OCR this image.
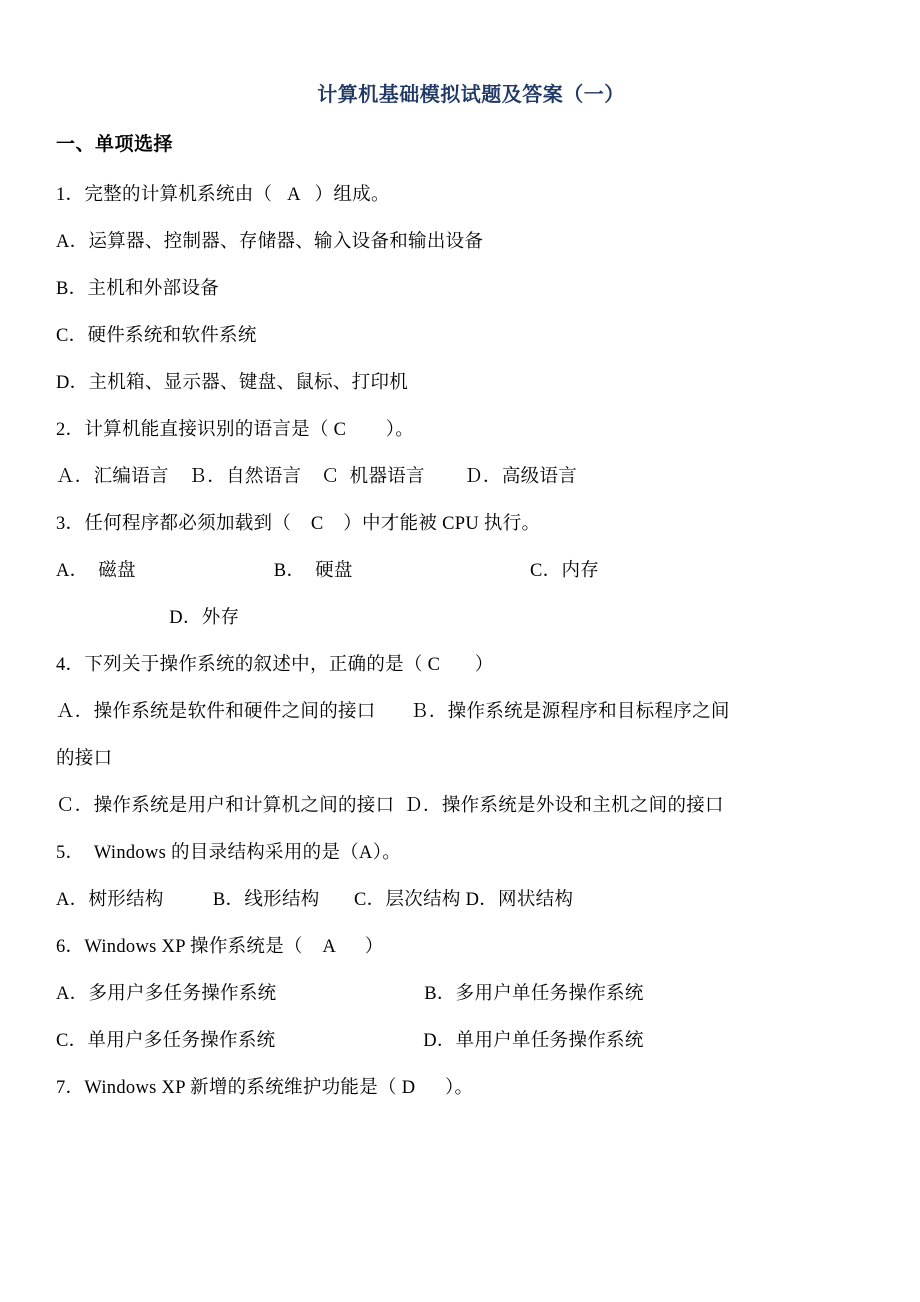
计算机基础模拟试题及答案（一）
一、单项选择
1．完整的计算机系统由（   A   ）组成。
A．运算器、控制器、存储器、输入设备和输出设备
B．主机和外部设备
C．硬件系统和软件系统
D．主机箱、显示器、键盘、鼠标、打印机
2．计算机能直接识别的语言是（ C        ）。
Ａ．汇编语言    Ｂ．自然语言    Ｃ  机器语言        Ｄ．高级语言
3．任何程序都必须加载到（    C    ）中才能被 CPU 执行。
A．  磁盘                            B．  硬盘                                    C．内存
D．外存
4．下列关于操作系统的叙述中，正确的是（ C       ）
Ａ．操作系统是软件和硬件之间的接口       Ｂ．操作系统是源程序和目标程序之间
的接口
Ｃ．操作系统是用户和计算机之间的接口  Ｄ．操作系统是外设和主机之间的接口
5．  Windows 的目录结构采用的是（A）。
A．树形结构          B．线形结构       C．层次结构 D．网状结构
6．Windows XP 操作系统是（    A      ）
A．多用户多任务操作系统                              B．多用户单任务操作系统
C．单用户多任务操作系统                              D．单用户单任务操作系统
7．Windows XP 新增的系统维护功能是（ D      ）。
